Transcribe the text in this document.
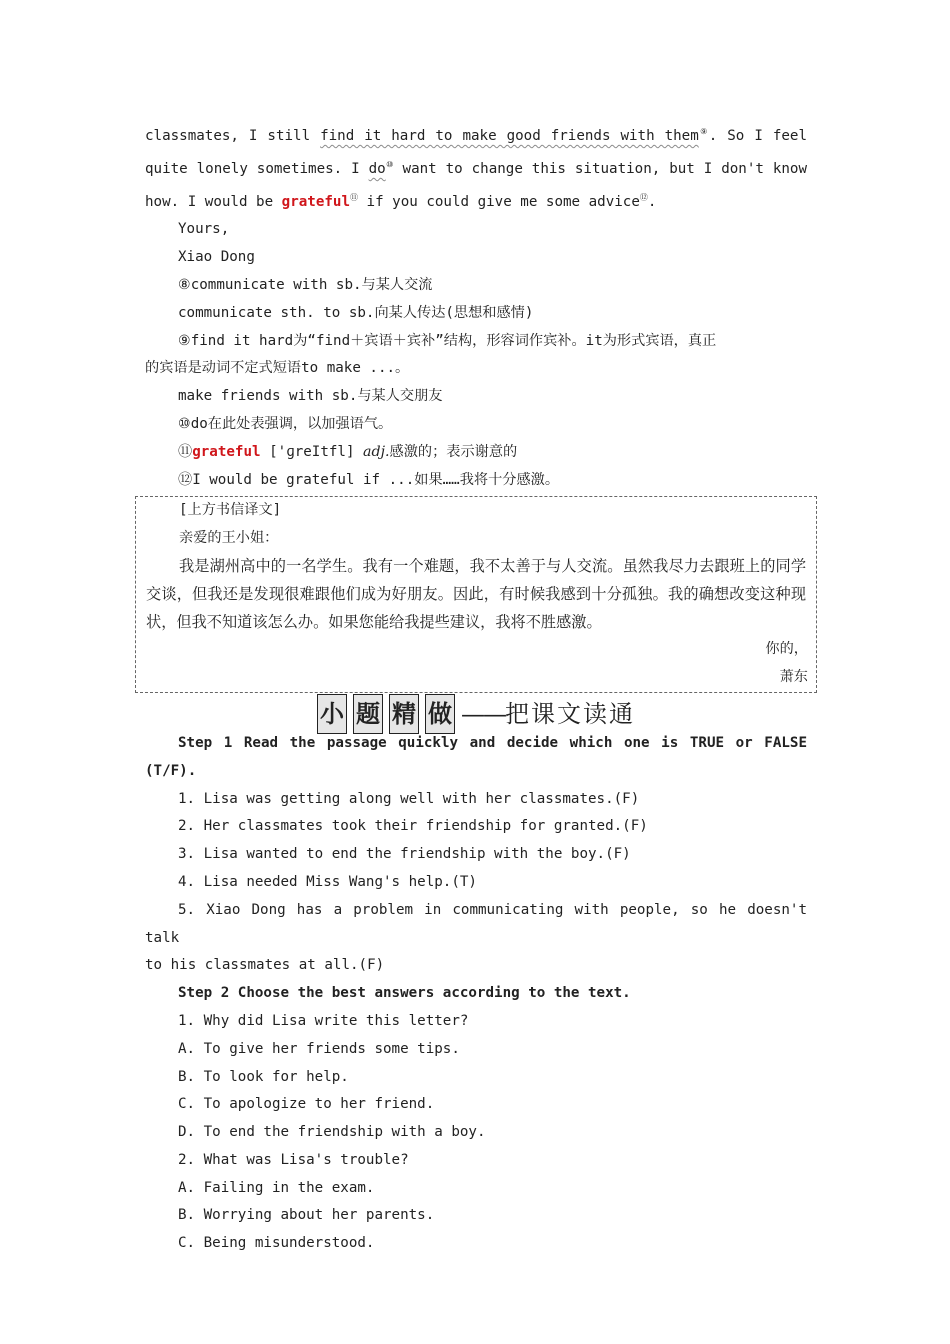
classmates, I still find it hard to make good friends with them⑨. So I feel

quite lonely sometimes. I do⑩ want to change this situation, but I don't know

how. I would be grateful⑪ if you could give me some advice⑫.

Yours,

Xiao Dong

⑧communicate with sb.与某人交流

communicate sth. to sb.向某人传达(思想和感情)

⑨find it hard为“find＋宾语＋宾补”结构，形容词作宾补。it为形式宾语，真正

的宾语是动词不定式短语to make ...。

make friends with sb.与某人交朋友

⑩do在此处表强调，以加强语气。

⑪grateful ['ɡreItfl] adj.感激的；表示谢意的

⑫I would be grateful if ...如果……我将十分感激。

[上方书信译文]

亲爱的王小姐：

我是湖州高中的一名学生。我有一个难题，我不太善于与人交流。虽然我尽力去跟班上的同学交谈，但我还是发现很难跟他们成为好朋友。因此，有时候我感到十分孤独。我的确想改变这种现状，但我不知道该怎么办。如果您能给我提些建议，我将不胜感激。

你的，

萧东

小 题 精 做 ——把课文读通

Step 1 Read the passage quickly and decide which one is TRUE or FALSE

(T/F).

1. Lisa was getting along well with her classmates.(F)

2. Her classmates took their friendship for granted.(F)

3. Lisa wanted to end the friendship with the boy.(F)

4. Lisa needed Miss Wang's help.(T)

5. Xiao Dong has a problem in communicating with people, so he doesn't talk

to his classmates at all.(F)

Step 2 Choose the best answers according to the text.

1. Why did Lisa write this letter?

A. To give her friends some tips.

B. To look for help.

C. To apologize to her friend.

D. To end the friendship with a boy.

2. What was Lisa's trouble?

A. Failing in the exam.

B. Worrying about her parents.

C. Being misunderstood.
